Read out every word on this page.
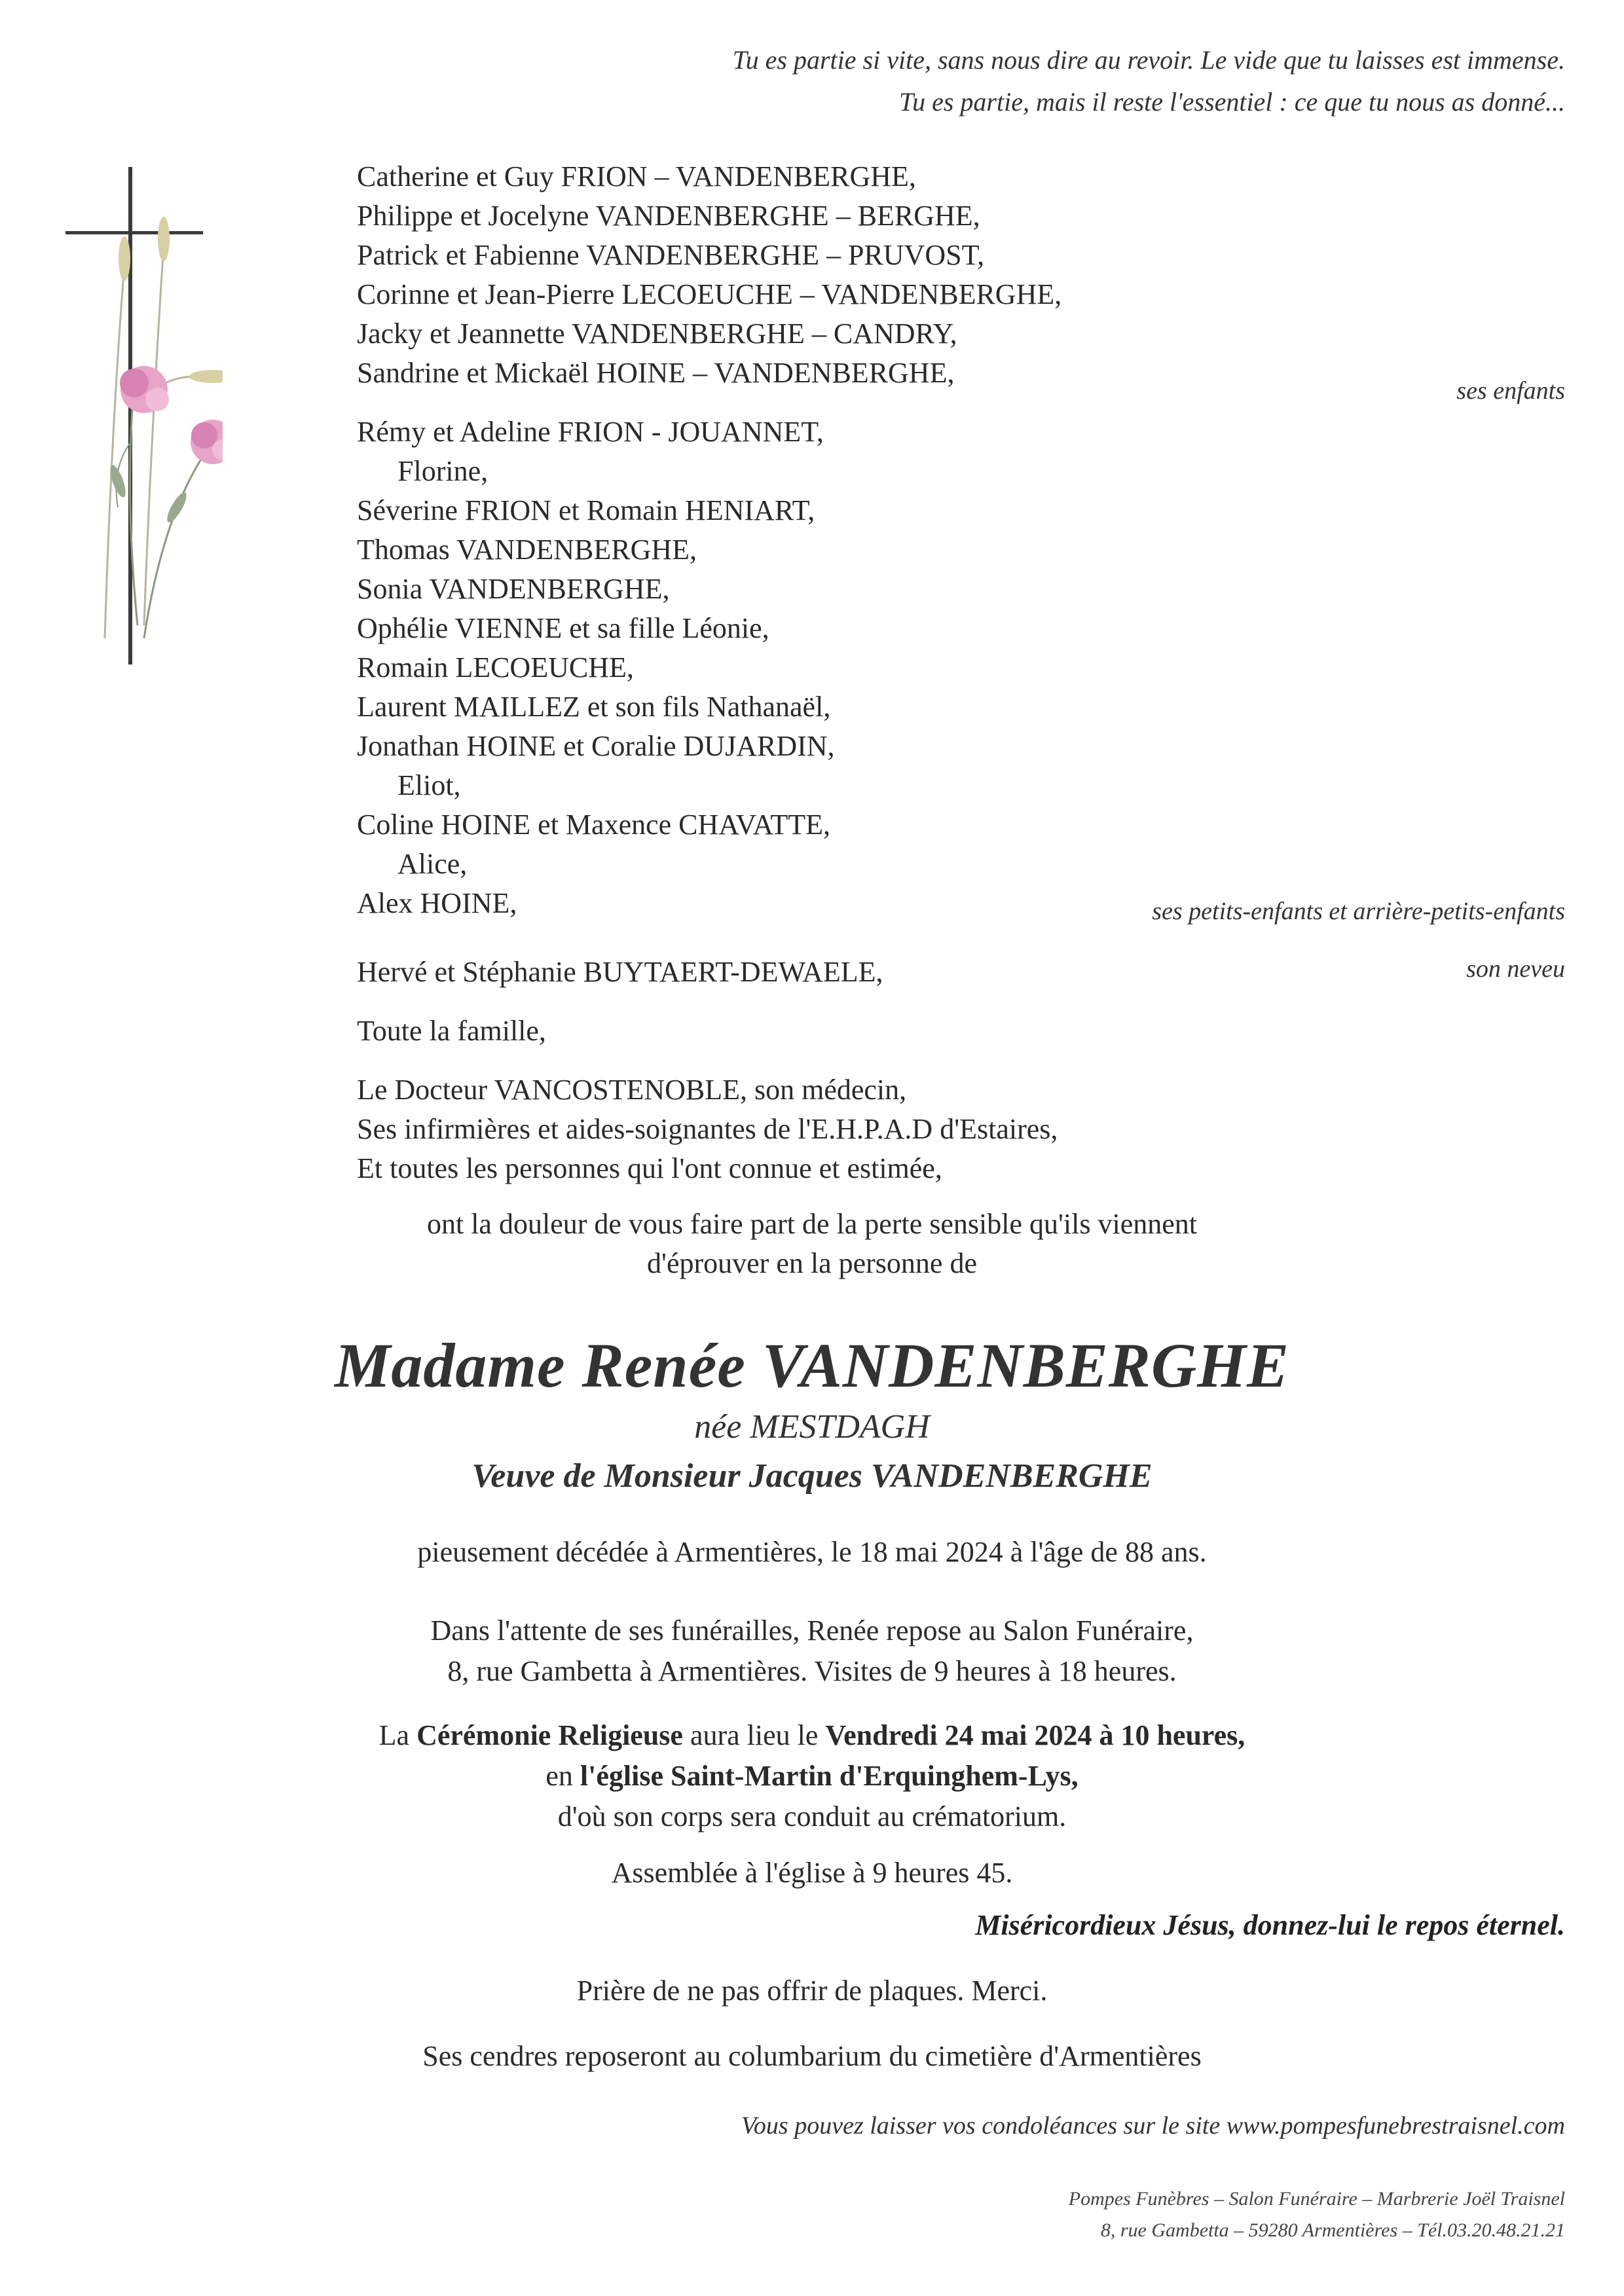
Tu es partie si vite, sans nous dire au revoir. Le vide que tu laisses est immense.
Tu es partie, mais il reste l'essentiel : ce que tu nous as donné...
Catherine et Guy FRION – VANDENBERGHE,
Philippe et Jocelyne VANDENBERGHE – BERGHE,
Patrick et Fabienne VANDENBERGHE – PRUVOST,
Corinne et Jean-Pierre LECOEUCHE – VANDENBERGHE,
Jacky et Jeannette VANDENBERGHE – CANDRY,
Sandrine et Mickaël HOINE – VANDENBERGHE,
ses enfants
Rémy et Adeline FRION - JOUANNET,
Florine,
Séverine FRION et Romain HENIART,
Thomas VANDENBERGHE,
Sonia VANDENBERGHE,
Ophélie VIENNE et sa fille Léonie,
Romain LECOEUCHE,
Laurent MAILLEZ et son fils Nathanaël,
Jonathan HOINE et Coralie DUJARDIN,
Eliot,
Coline HOINE et Maxence CHAVATTE,
Alice,
Alex HOINE,	ses petits-enfants et arrière-petits-enfants
Hervé et Stéphanie BUYTAERT-DEWAELE,	son neveu
Toute la famille,
Le Docteur VANCOSTENOBLE, son médecin,
Ses infirmières et aides-soignantes de l'E.H.P.A.D d'Estaires,
Et toutes les personnes qui l'ont connue et estimée,
ont la douleur de vous faire part de la perte sensible qu'ils viennent
d'éprouver en la personne de
Madame Renée VANDENBERGHE
née MESTDAGH
Veuve de Monsieur Jacques VANDENBERGHE
pieusement décédée à Armentières, le 18 mai 2024 à l'âge de 88 ans.
Dans l'attente de ses funérailles, Renée repose au Salon Funéraire,
8, rue Gambetta à Armentières. Visites de 9 heures à 18 heures.
La Cérémonie Religieuse aura lieu le Vendredi 24 mai 2024 à 10 heures,
en l'église Saint-Martin d'Erquinghem-Lys,
d'où son corps sera conduit au crématorium.
Assemblée à l'église à 9 heures 45.
Miséricordieux Jésus, donnez-lui le repos éternel.
Prière de ne pas offrir de plaques. Merci.
Ses cendres reposeront au columbarium du cimetière d'Armentières
Vous pouvez laisser vos condoléances sur le site www.pompesfunebrestraisnel.com
Pompes Funèbres – Salon Funéraire – Marbrerie Joël Traisnel
8, rue Gambetta – 59280 Armentières – Tél.03.20.48.21.21
